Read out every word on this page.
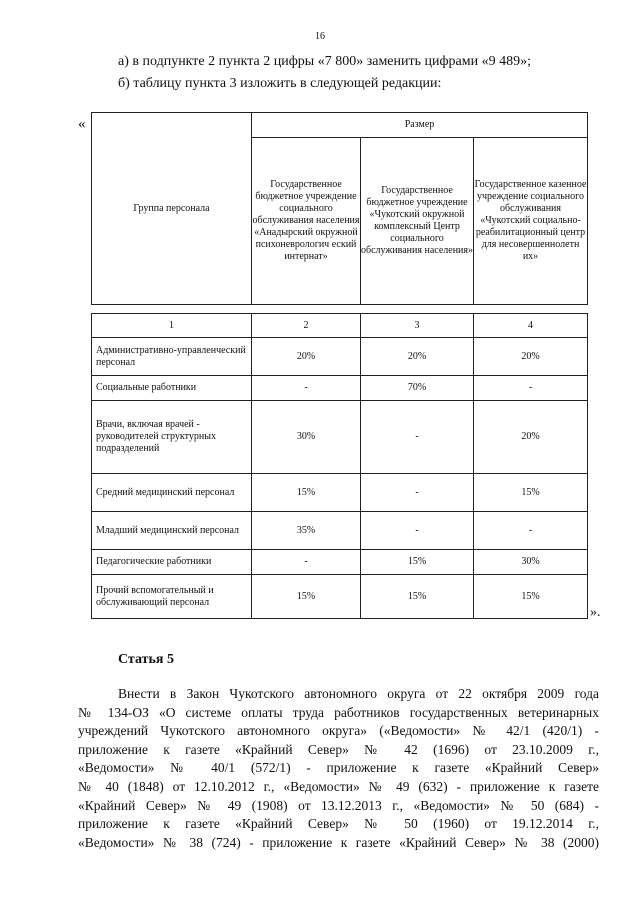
16
а) в подпункте 2 пункта 2 цифры «7 800» заменить цифрами «9 489»;
б) таблицу пункта 3 изложить в следующей редакции:
«
Группа персонала	Размер		
	Государственное бюджетное учреждение социального обслуживания населения «Анадырский окружной психоневрологич еский интернат»	Государственное бюджетное учреждение «Чукотский окружной комплексный Центр социального обслуживания населения»	Государственное казенное учреждение социального обслуживания «Чукотский социально-реабилитационный центр для несовершеннолетн их»
1	2	3	4
Административно-управленческий персонал	20%	20%	20%
Социальные работники	-	70%	-
Врачи, включая врачей - руководителей структурных подразделений	30%	-	20%
Средний медицинский персонал	15%	-	15%
Младший медицинский персонал	35%	-	-
Педагогические работники	-	15%	30%
Прочий вспомогательный и обслуживающий персонал	15%	15%	15%
».
Статья 5
Внести в Закон Чукотского автономного округа от 22 октября 2009 года
№ 134-ОЗ «О системе оплаты труда работников государственных ветеринарных
учреждений Чукотского автономного округа» («Ведомости» № 42/1 (420/1) -
приложение к газете «Крайний Север» № 42 (1696) от 23.10.2009 г.,
«Ведомости» № 40/1 (572/1) - приложение к газете «Крайний Север»
№ 40 (1848) от 12.10.2012 г., «Ведомости» № 49 (632) - приложение к газете
«Крайний Север» № 49 (1908) от 13.12.2013 г., «Ведомости» № 50 (684) -
приложение к газете «Крайний Север» № 50 (1960) от 19.12.2014 г.,
«Ведомости» № 38 (724) - приложение к газете «Крайний Север» № 38 (2000)
